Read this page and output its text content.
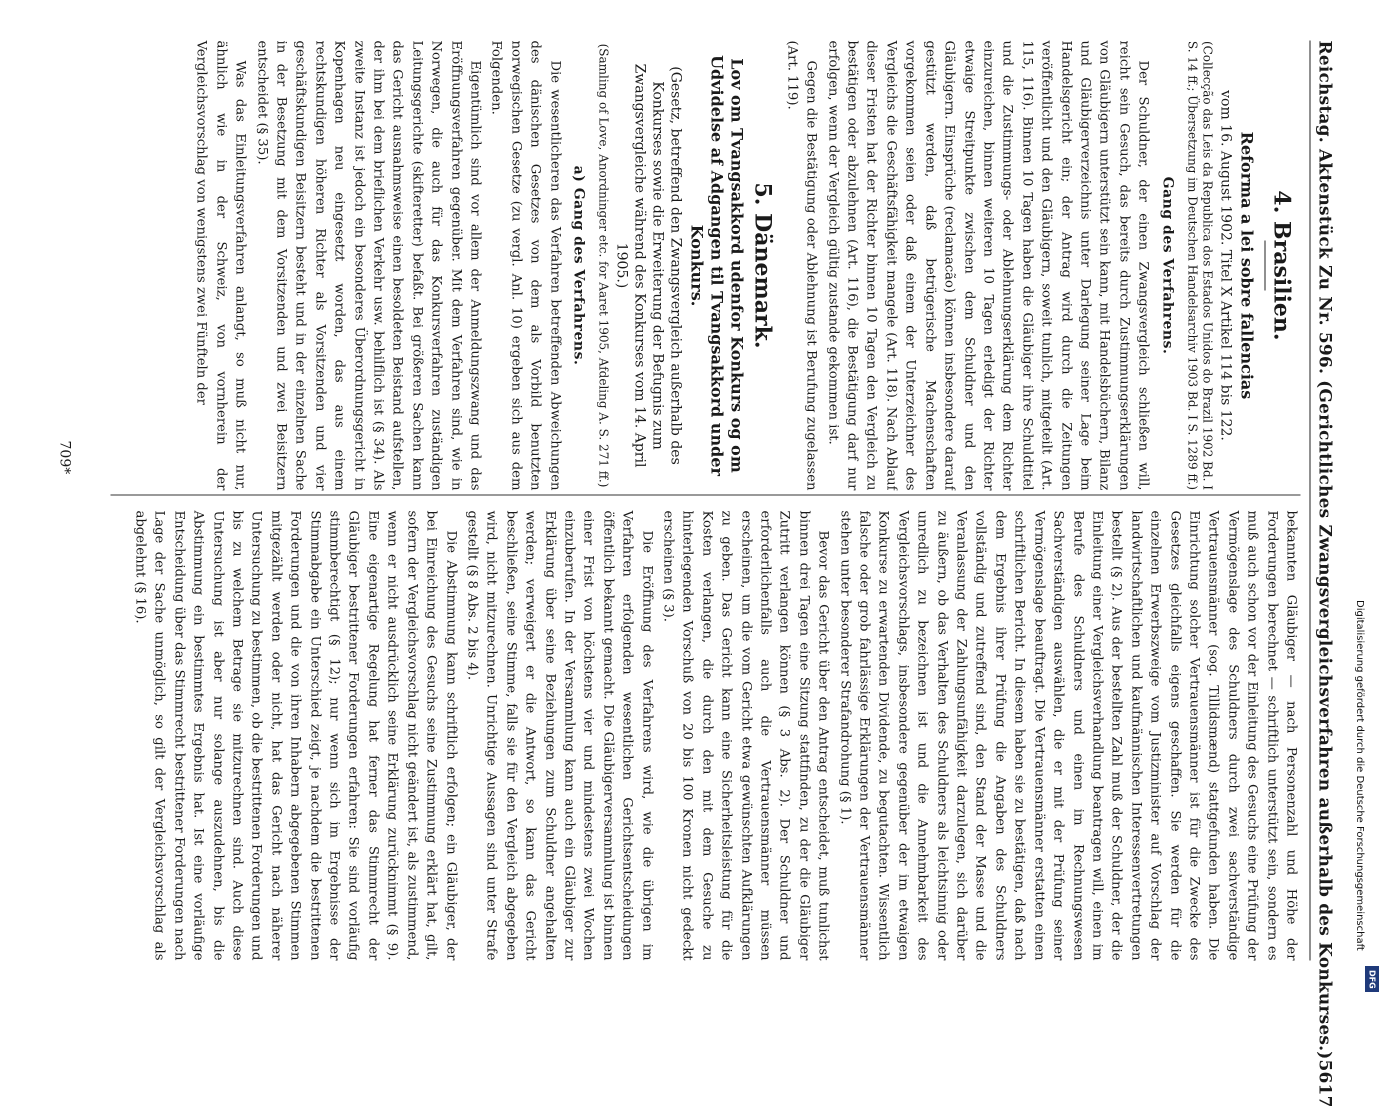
Reichstag. Aktenstück Zu Nr. 596. (Gerichtliches Zwangsvergleichsverfahren außerhalb des Konkurses.)
5617
4. Brasilien.
Reforma a lei sobre fallencias
vom 16. August 1902. Titel X Artikel 114 bis 122.
(Collecção das Leis da Republica dos Estados Unidos do Brazil 1902 Bd. I S. 14 ff.; Übersetzung im Deutschen Handelsarchiv 1903 Bd. I S. 1289 ff.)
Gang des Verfahrens.

Der Schuldner, der einen Zwangsvergleich schließen will, reicht sein Gesuch, das bereits durch Zustimmungserklärungen von Gläubigern unterstützt sein kann, mit Handelsbüchern, Bilanz und Gläubigerverzeichnis unter Darlegung seiner Lage beim Handelsgericht ein; der Antrag wird durch die Zeitungen veröffentlicht und den Gläubigern, soweit tunlich, mitgeteilt (Art. 115, 116). Binnen 10 Tagen haben die Gläubiger ihre Schuldtitel und die Zustimmungs- oder Ablehnungserklärung dem Richter einzureichen, binnen weiteren 10 Tagen erledigt der Richter etwaige Streitpunkte zwischen dem Schuldner und den Gläubigern. Einsprüche (reclamacão) können insbesondere darauf gestützt werden, daß betrügerische Machenschaften vorgekommen seien oder daß einem der Unterzeichner des Vergleichs die Geschäftsfähigkeit mangele (Art. 118). Nach Ablauf dieser Fristen hat der Richter binnen 10 Tagen den Vergleich zu bestätigen oder abzulehnen (Art. 116), die Bestätigung darf nur erfolgen, wenn der Vergleich gültig zustande gekommen ist.

Gegen die Bestätigung oder Ablehnung ist Berufung zugelassen (Art. 119).

5. Dänemark.
Lov om Tvangsakkord udenfor Konkurs og om Udvidelse af Adgangen til Tvangsakkord under Konkurs.
(Gesetz, betreffend den Zwangsvergleich außerhalb des Konkurses sowie die Erweiterung der Befugnis zum Zwangsvergleiche während des Konkurses vom 14. April 1905.)
(Samling of Love, Anordninger etc. for Aaret 1905, Afdeling A. S. 271 ff.)
a) Gang des Verfahrens.

Die wesentlicheren das Verfahren betreffenden Abweichungen des dänischen Gesetzes von dem als Vorbild benutzten norwegischen Gesetze (zu vergl. Anl. 10) ergeben sich aus dem Folgenden.

Eigentümlich sind vor allem der Anmeldungszwang und das Eröffnungsverfahren gegenüber. Mit dem Verfahren sind, wie in Norwegen, die auch für das Konkursverfahren zuständigen Leitungsgerichte (skifteretter) befaßt. Bei größeren Sachen kann das Gericht ausnahmsweise einen besoldeten Beistand aufstellen, der ihm bei dem brieflichen Verkehr usw. behilflich ist (§ 34). Als zweite Instanz ist jedoch ein besonderes Überordnungsgericht in Kopenhagen neu eingesetzt worden, das aus einem rechtskundigen höheren Richter als Vorsitzenden und vier geschäftskundigen Beisitzern besteht und in der einzelnen Sache in der Besetzung mit dem Vorsitzenden und zwei Beisitzern entscheidet (§ 35).

Was das Einleitungsverfahren anlangt, so muß nicht nur, ähnlich wie in der Schweiz, von vornherein der Vergleichsvorschlag von wenigstens zwei Fünfteln der

bekannten Gläubiger — nach Personenzahl und Höhe der Forderungen berechnet — schriftlich unterstützt sein, sondern es muß auch schon vor der Einleitung des Gesuchs eine Prüfung der Vermögenslage des Schuldners durch zwei sachverständige Vertrauensmänner (sog. Tillidsmænd) stattgefunden haben. Die Einrichtung solcher Vertrauensmänner ist für die Zwecke des Gesetzes gleichfalls eigens geschaffen. Sie werden für die einzelnen Erwerbszweige vom Justizminister auf Vorschlag der landwirtschaftlichen und kaufmännischen Interessenvertretungen bestellt (§ 2). Aus der bestellten Zahl muß der Schuldner, der die Einleitung einer Vergleichsverhandlung beantragen will, einen im Berufe des Schuldners und einen im Rechnungswesen Sachverständigen auswählen, die er mit der Prüfung seiner Vermögenslage beauftragt. Die Vertrauensmänner erstatten einen schriftlichen Bericht. In diesem haben sie zu bestätigen, daß nach dem Ergebnis ihrer Prüfung die Angaben des Schuldners vollständig und zutreffend sind, den Stand der Masse und die Veranlassung der Zahlungsunfähigkeit darzulegen, sich darüber zu äußern, ob das Verhalten des Schuldners als leichtsinnig oder unredlich zu bezeichnen ist und die Annehmbarkeit des Vergleichsvorschlags, insbesondere gegenüber der im etwaigen Konkurse zu erwartenden Dividende, zu begutachten. Wissentlich falsche oder grob fahrlässige Erklärungen der Vertrauensmänner stehen unter besonderer Strafandrohung (§ 1).

Bevor das Gericht über den Antrag entscheidet, muß tunlichst binnen drei Tagen eine Sitzung stattfinden, zu der die Gläubiger Zutritt verlangen können (§ 3 Abs. 2). Der Schuldner und erforderlichenfalls auch die Vertrauensmänner müssen erscheinen, um die vom Gericht etwa gewünschten Aufklärungen zu geben. Das Gericht kann eine Sicherheitsleistung für die Kosten verlangen, die durch den mit dem Gesuche zu hinterlegenden Vorschuß von 20 bis 100 Kronen nicht gedeckt erscheinen (§ 3).

Die Eröffnung des Verfahrens wird, wie die übrigen im Verfahren erfolgenden wesentlichen Gerichtsentscheidungen öffentlich bekannt gemacht. Die Gläubigerversammlung ist binnen einer Frist von höchstens vier und mindestens zwei Wochen einzuberufen. In der Versammlung kann auch ein Gläubiger zur Erklärung über seine Beziehungen zum Schuldner angehalten werden; verweigert er die Antwort, so kann das Gericht beschließen, seine Stimme, falls sie für den Vergleich abgegeben wird, nicht mitzurechnen. Unrichtige Aussagen sind unter Strafe gestellt (§ 8 Abs. 2 bis 4).

Die Abstimmung kann schriftlich erfolgen; ein Gläubiger, der bei Einreichung des Gesuchs seine Zustimmung erklärt hat, gilt, sofern der Vergleichsvorschlag nicht geändert ist, als zustimmend, wenn er nicht ausdrücklich seine Erklärung zurücknimmt (§ 9). Eine eigenartige Regelung hat ferner das Stimmrecht der Gläubiger bestrittener Forderungen erfahren: Sie sind vorläufig stimmberechtigt (§ 12); nur wenn sich im Ergebnisse der Stimmabgabe ein Unterschied zeigt, je nachdem die bestrittenen Forderungen und die von ihren Inhabern abgegebenen Stimmen mitgezählt werden oder nicht, hat das Gericht nach näherer Untersuchung zu bestimmen, ob die bestrittenen Forderungen und bis zu welchem Betrage sie mitzurechnen sind. Auch diese Untersuchung ist aber nur solange auszudehnen, bis die Abstimmung ein bestimmtes Ergebnis hat. Ist eine vorläufige Entscheidung über das Stimmrecht bestrittener Forderungen nach Lage der Sache unmöglich, so gilt der Vergleichsvorschlag als abgelehnt (§ 16).

709*
Digitalisierung gefördert durch die Deutsche Forschungsgemeinschaft
DFG
